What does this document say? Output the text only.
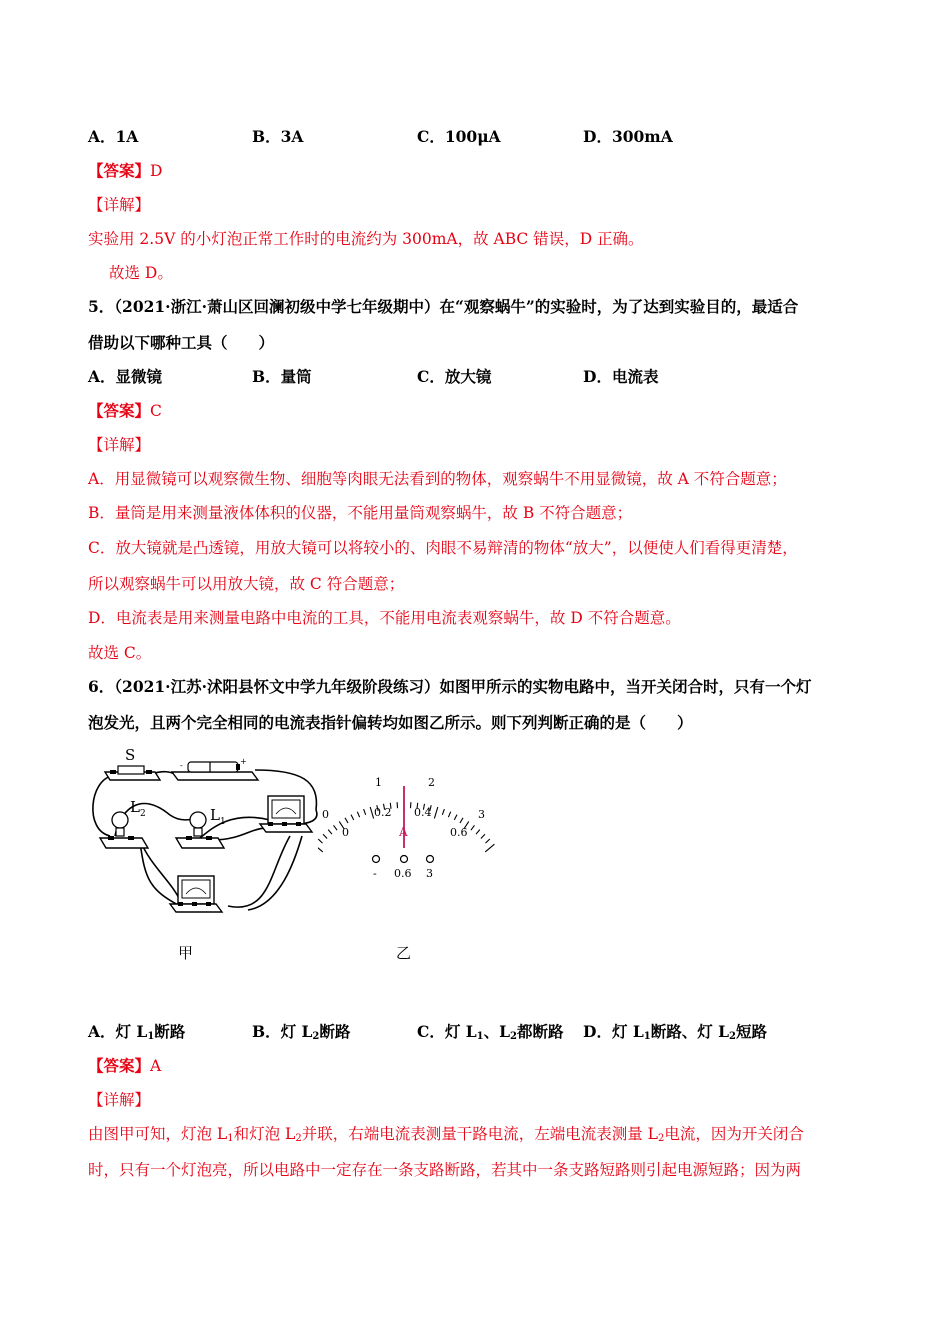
A．1A	B．3A	C．100μA	D．300mA
【答案】D
【详解】
实验用 2.5V 的小灯泡正常工作时的电流约为 300mA，故 ABC 错误，D 正确。
故选 D。
5．（2021·浙江·萧山区回澜初级中学七年级期中）在“观察蜗牛”的实验时，为了达到实验目的，最适合
借助以下哪种工具（　　）
A．显微镜	B．量筒	C．放大镜	D．电流表
【答案】C
【详解】
A．用显微镜可以观察微生物、细胞等肉眼无法看到的物体，观察蜗牛不用显微镜，故 A 不符合题意；
B．量筒是用来测量液体体积的仪器，不能用量筒观察蜗牛，故 B 不符合题意；
C．放大镜就是凸透镜，用放大镜可以将较小的、肉眼不易辩清的物体“放大”，以便使人们看得更清楚，
所以观察蜗牛可以用放大镜，故 C 符合题意；
D．电流表是用来测量电路中电流的工具，不能用电流表观察蜗牛，故 D 不符合题意。
故选 C。
6．（2021·江苏·沭阳县怀文中学九年级阶段练习）如图甲所示的实物电路中，当开关闭合时，只有一个灯
泡发光，且两个完全相同的电流表指针偏转均如图乙所示。则下列判断正确的是（　　）
S
-	+
$L_2$	$L_1$
0
1	2
3
0
0.2 0.4
0.6
A
- 0.6 3
甲	乙
A．灯 $L_1$断路	B．灯 $L_2$断路	C．灯 $L_1$、$L_2$都断路 D．灯 $L_1$断路、灯 $L_2$短路
【答案】A
【详解】
由图甲可知，灯泡 $L_1$和灯泡 $L_2$并联，右端电流表测量干路电流，左端电流表测量 $L_2$电流，因为开关闭合
时，只有一个灯泡亮，所以电路中一定存在一条支路断路，若其中一条支路短路则引起电源短路；因为两
